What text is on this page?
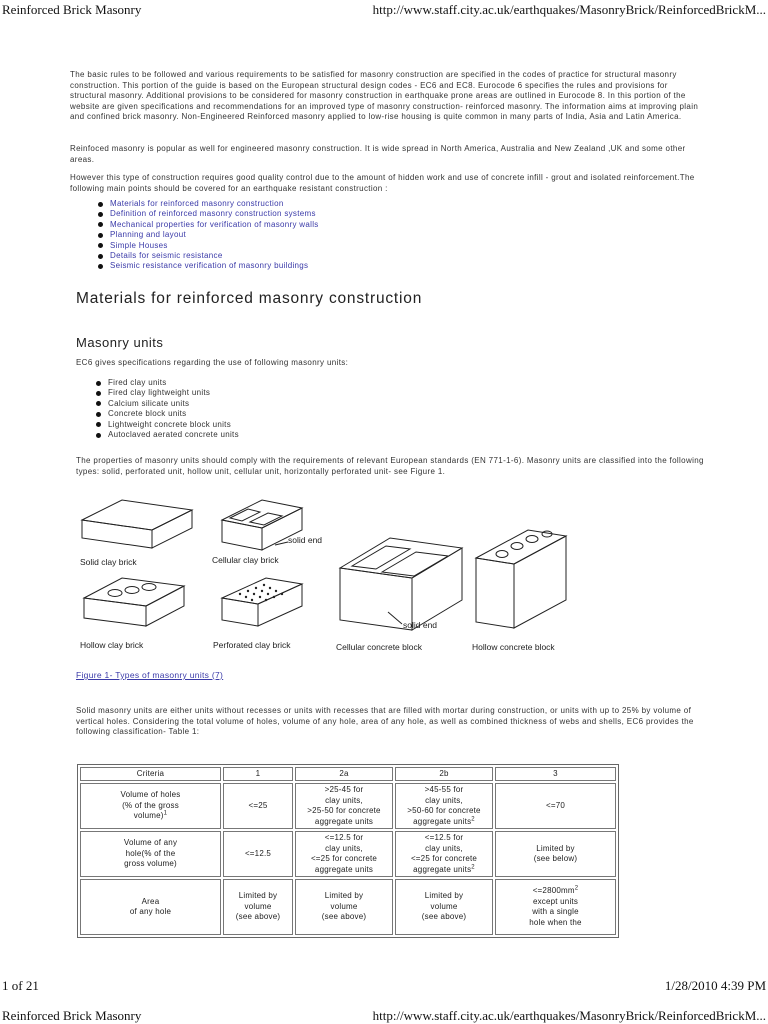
Reinforced Brick Masonry	http://www.staff.city.ac.uk/earthquakes/MasonryBrick/ReinforcedBrickM...

The basic rules to be followed and various requirements to be satisfied for masonry construction are specified in the codes of practice for structural masonry construction. This portion of the guide is based on the European structural design codes - EC6 and EC8. Eurocode 6 specifies the rules and provisions for structural masonry. Additional provisions to be considered for masonry construction in earthquake prone areas are outlined in Eurocode 8. In this portion of the website are given specifications and recommendations for an improved type of masonry construction- reinforced masonry. The information aims at improving plain and confined brick masonry. Non-Engineered Reinforced masonry applied to low-rise housing is quite common in many parts of India, Asia and Latin America.

Reinfoced masonry is popular as well for engineered masonry construction. It is wide spread in North America, Australia and New Zealand ,UK and some other areas.

However this type of construction requires good quality control due to the amount of hidden work and use of concrete infill - grout and isolated reinforcement.The following main points should be covered for an earthquake resistant construction :

Materials for reinforced masonry construction
Definition of reinforced masonry construction systems
Mechanical properties for verification of masonry walls
Planning and layout
Simple Houses
Details for seismic resistance
Seismic resistance verification of masonry buildings
Materials for reinforced masonry construction
Masonry units

EC6 gives specifications regarding the use of following masonry units:

Fired clay units
Fired clay lightweight units
Calcium silicate units
Concrete block units
Lightweight concrete block units
Autoclaved aerated concrete units

The properties of masonry units should comply with the requirements of relevant European standards (EN 771-1-6). Masonry units are classified into the following types: solid, perforated unit, hollow unit, cellular unit, horizontally perforated unit- see Figure 1.

Solid clay brick	Cellular clay brick
solid end
Hollow clay brick	Perforated clay brick
solid end
Cellular concrete block	Hollow concrete block
Figure 1- Types of masonry units (7)

Solid masonry units are either units without recesses or units with recesses that are filled with mortar during construction, or units with up to 25% by volume of vertical holes. Considering the total volume of holes, volume of any hole, area of any hole, as well as combined thickness of webs and shells, EC6 provides the following classification- Table 1:

Criteria	1	2a	2b	3
Volume of holes
(% of the gross
volume)$^1$	<=25	>25-45 for
clay units,
>25-50 for concrete
aggregate units	>45-55 for
clay units,
>50-60 for concrete
aggregate units$^2$	<=70
Volume of any
hole(% of the
gross volume)	<=12.5	<=12.5 for
clay units,
<=25 for concrete
aggregate units	<=12.5 for
clay units,
<=25 for concrete
aggregate units$^2$	Limited by
(see below)
Area
of any hole	Limited by
volume
(see above)	Limited by
volume
(see above)	Limited by
volume
(see above)	$<=2800mm^2$
except units
with a single
hole when the
1 of 21	1/28/2010 4:39 PM
Reinforced Brick Masonry	http://www.staff.city.ac.uk/earthquakes/MasonryBrick/ReinforcedBrickM...
